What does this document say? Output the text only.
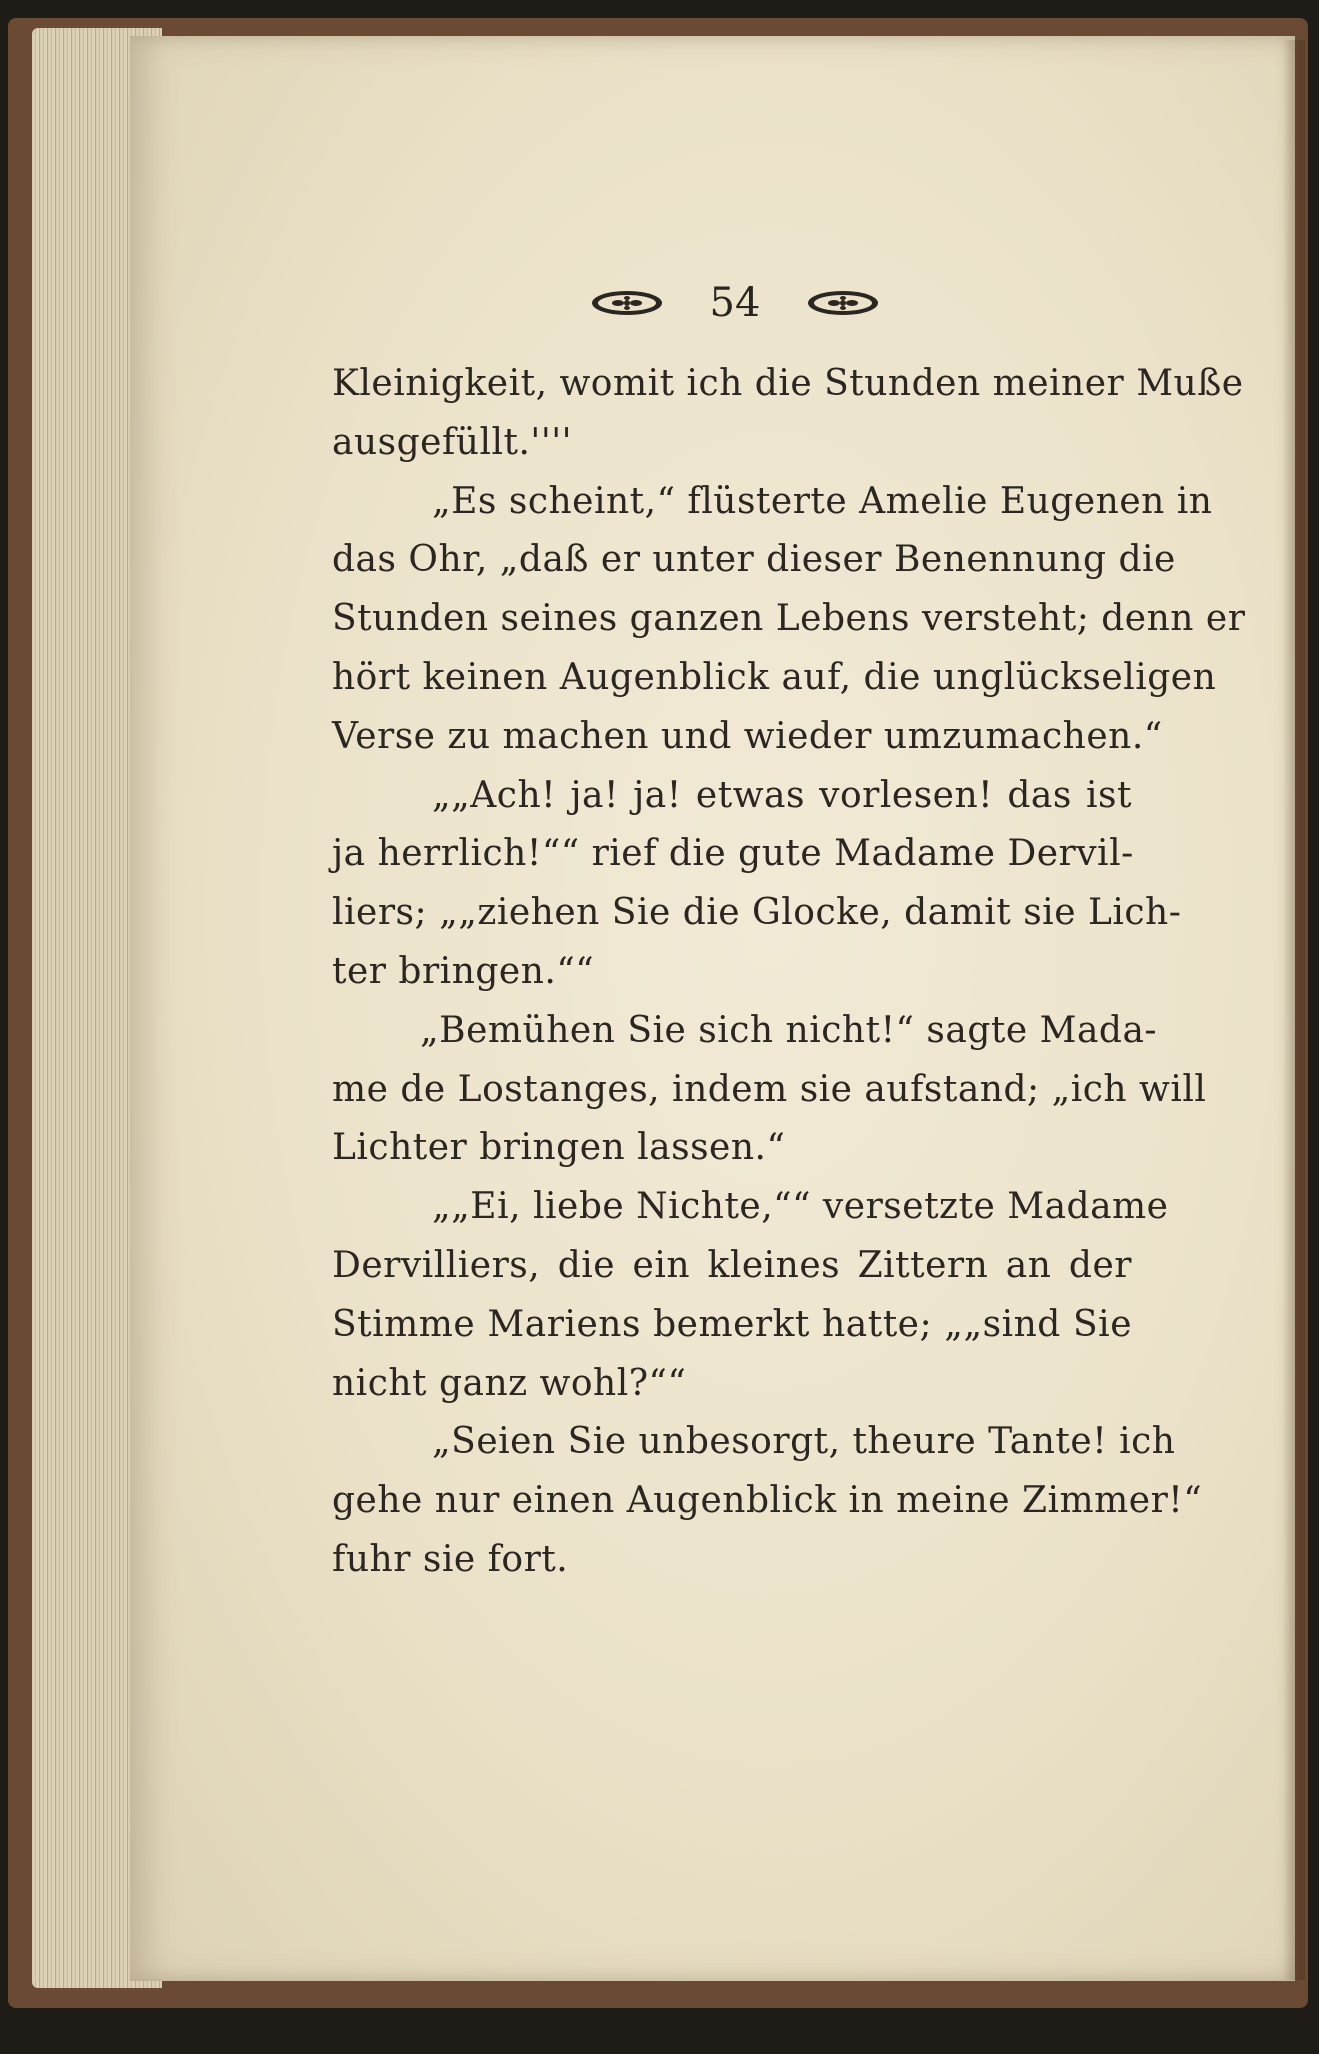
54
Kleinigkeit, womit ich die Stunden meiner Muße
ausgefüllt.''''
„Es scheint,“ flüsterte Amelie Eugenen in
das Ohr, „daß er unter dieser Benennung die
Stunden seines ganzen Lebens versteht; denn er
hört keinen Augenblick auf, die unglückseligen
Verse zu machen und wieder umzumachen.“
„„Ach! ja! ja! etwas vorlesen! das ist
ja herrlich!““ rief die gute Madame Dervil-
liers; „„ziehen Sie die Glocke, damit sie Lich-
ter bringen.““
„Bemühen Sie sich nicht!“ sagte Mada-
me de Lostanges, indem sie aufstand; „ich will
Lichter bringen lassen.“
„„Ei, liebe Nichte,““ versetzte Madame
Dervilliers, die ein kleines Zittern an der
Stimme Mariens bemerkt hatte; „„sind Sie
nicht ganz wohl?““
„Seien Sie unbesorgt, theure Tante! ich
gehe nur einen Augenblick in meine Zimmer!“
fuhr sie fort.
